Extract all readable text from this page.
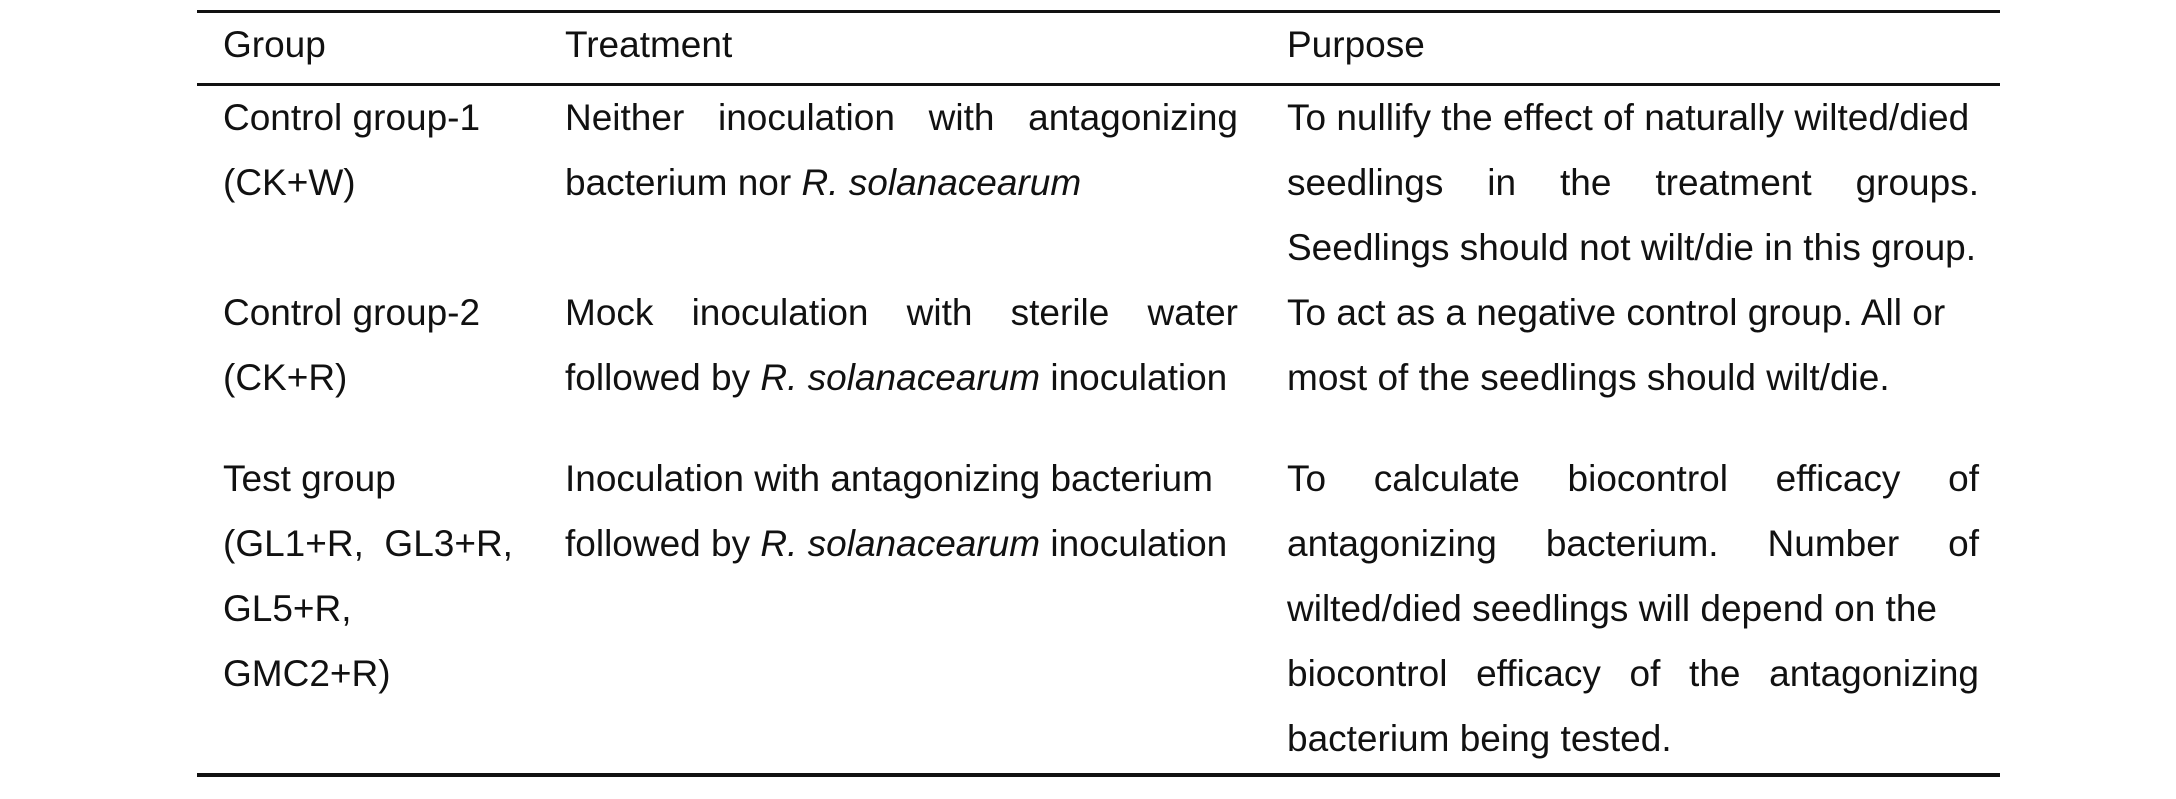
Group	Treatment	Purpose
Control group-1
(CK+W)
Neither inoculation with antagonizing
bacterium nor R. solanacearum
To nullify the effect of naturally wilted/died
seedlings in the treatment groups.
Seedlings should not wilt/die in this group.
Control group-2
(CK+R)
Mock inoculation with sterile water
followed by R. solanacearum inoculation
To act as a negative control group. All or
most of the seedlings should wilt/die.
Test group
(GL1+R,  GL3+R,
GL5+R,
GMC2+R)
Inoculation with antagonizing bacterium
followed by R. solanacearum inoculation
To calculate biocontrol efficacy of
antagonizing bacterium. Number of
wilted/died seedlings will depend on the
biocontrol efficacy of the antagonizing
bacterium being tested.
